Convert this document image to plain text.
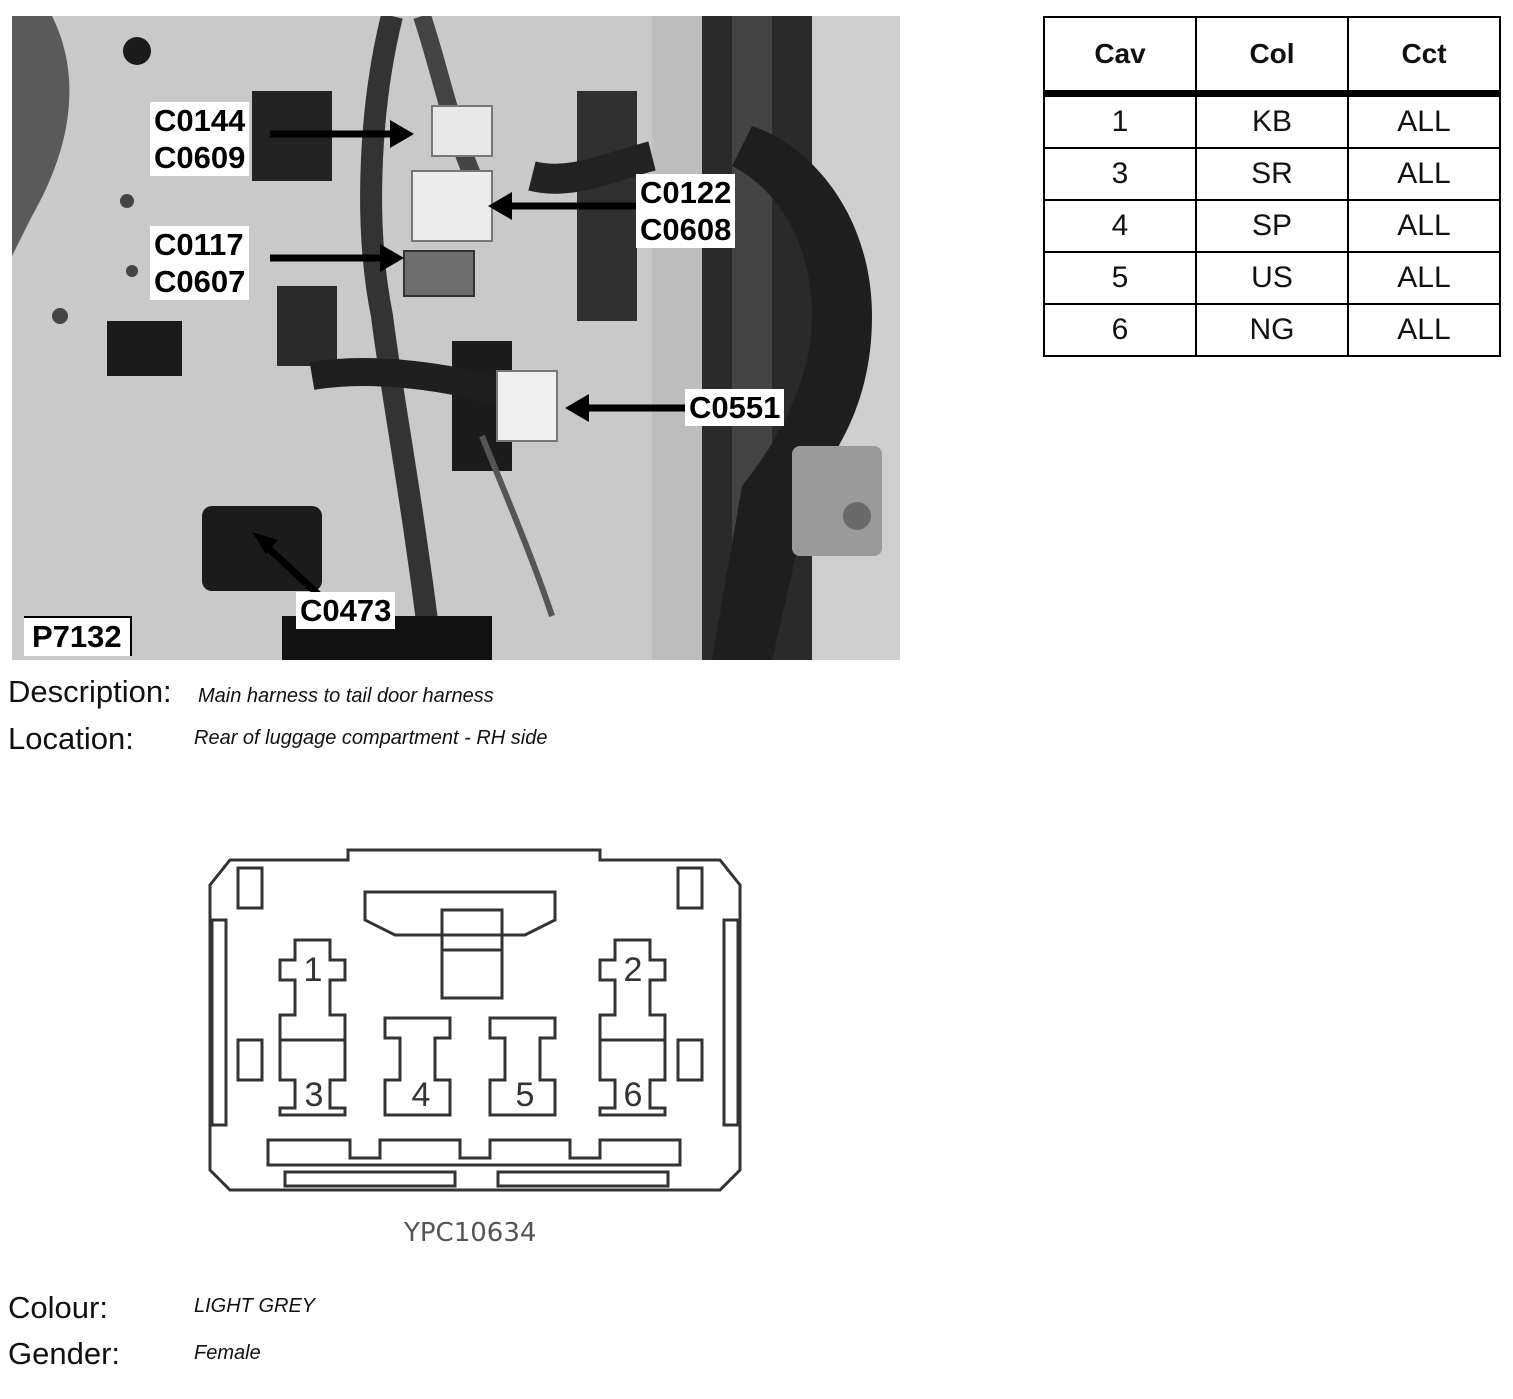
C0144
C0609
C0122
C0608
C0117
C0607
C0551
C0473
P7132
Description: Main harness to tail door harness
Location:	Rear of luggage compartment - RH side
Cav	Col	Cct
1	KB	ALL
3	SR	ALL
4	SP	ALL
5	US	ALL
6	NG	ALL
1	2
3	4	5	6
YPC10634
Colour:	LIGHT GREY
Gender:	Female
